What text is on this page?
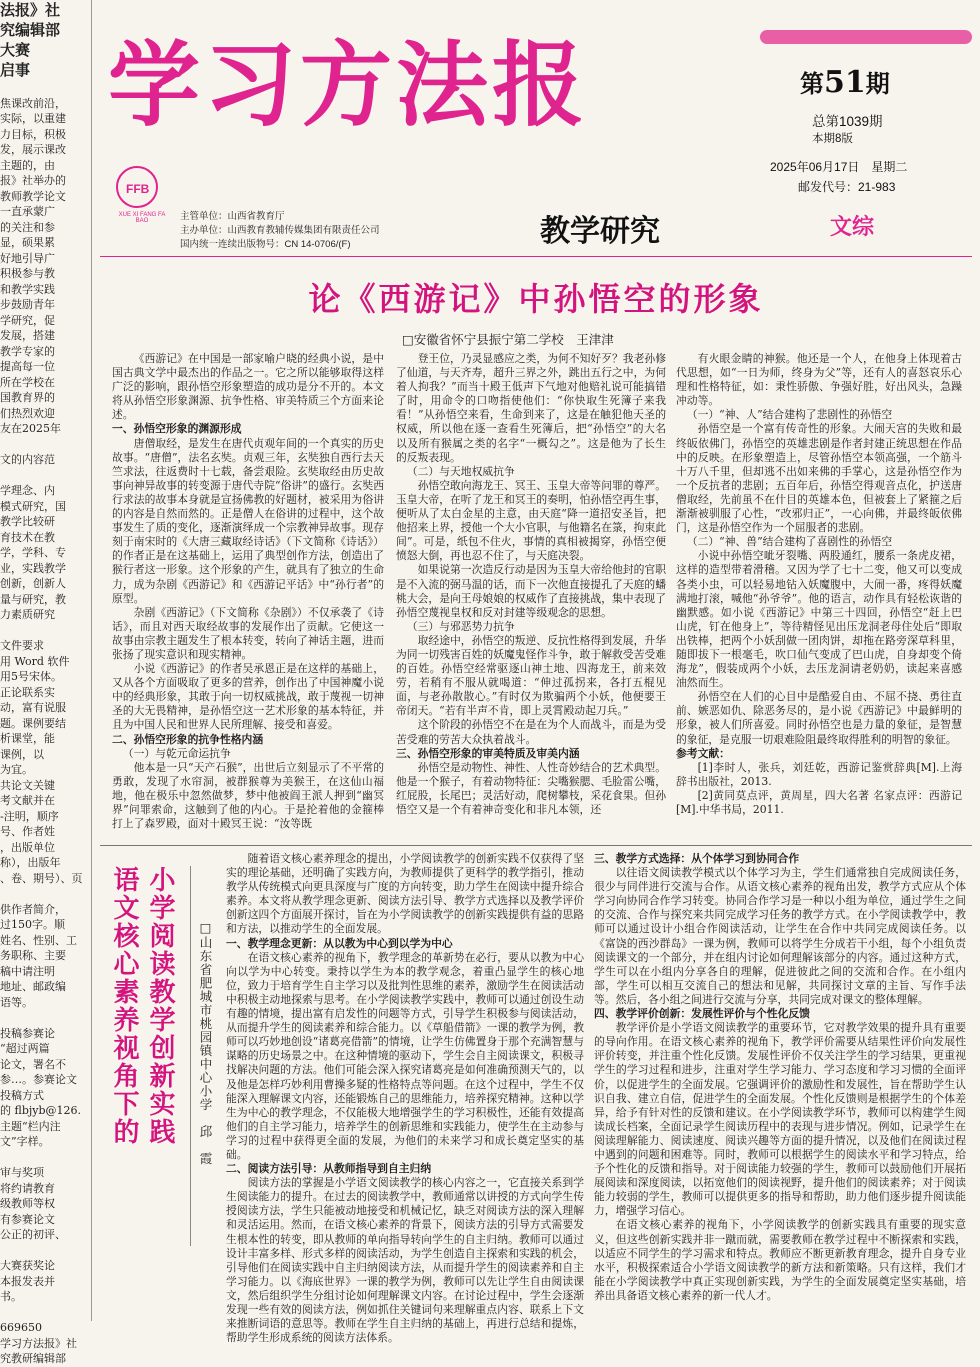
法报》社

究编辑部

大赛

启事

焦课改前沿，

实际，以重建

力目标，积极

发，展示课改

主题的，由

报》社举办的

教师教学论文

一直承蒙广

的关注和参

显，硕果累

好地引导广

积极参与教

和教学实践

步鼓励青年

学研究，促

发展，搭建

教学专家的

提高每一位

所在学校在

国教育界的

们热烈欢迎

友在2025年

文的内容范

学理念、内

模式研究，国

教学比较研

育技术在教

学，学科、专

业，实践教学

创新，创新人

量与研究，教

力素质研究

文件要求

用 Word 软件

用5号宋体。

正论联系实

动，富有说服

题。课例要结

析课堂，能

课例，以

为宜。

共论文关键

考文献并在

-注明，顺序

号、作者姓

，出版单位

称），出版年

、卷、期号）、页

供作者简介，

过150字。顺

姓名、性别、工

务职称、主要

稿中请注明

地址、邮政编

语等。

投稿参赛论

“超过两篇

论文，署名不

参…。参赛论文

投稿方式

的 flbjyb@126.

主题“栏内注

文”字样。

审与奖项

将约请教育

级教师等权

有参赛论文

公正的初评、

大赛获奖论

本报发表并

书。

669650

学习方法报》社

究教研编辑部

学习方法报	第51期
总第1039期
本期8版
2025年06月17日　星期二
邮发代号：21-983
FFB
XUE XI FANG FA BAO	主管单位：山西省教育厅
主办单位：山西教育教辅传媒集团有限责任公司
国内统一连续出版物号：CN 14-0706/(F)	教学研究	文综
论《西游记》中孙悟空的形象
□安徽省怀宁县振宁第二学校　王津津

《西游记》在中国是一部家喻户晓的经典小说，是中国古典文学中最杰出的作品之一。它之所以能够取得这样广泛的影响，跟孙悟空形象塑造的成功是分不开的。本文将从孙悟空形象渊源、抗争性格、审美特质三个方面来论述。

一、孙悟空形象的渊源形成

唐僧取经，是发生在唐代贞观年间的一个真实的历史故事。“唐僧”，法名玄奘。贞观三年，玄奘独自西行去天竺求法，往返费时十七载，备尝艰险。玄奘取经由历史故事向神异故事的转变源于唐代寺院“俗讲”的盛行。玄奘西行求法的故事本身就是宣扬佛教的好题材，被采用为俗讲的内容是自然而然的。正是僧人在俗讲的过程中，这个故事发生了质的变化，逐渐演绎成一个宗教神异故事。现存刻于南宋时的《大唐三藏取经诗话》（下文简称《诗话》）的作者正是在这基础上，运用了典型创作方法，创造出了猴行者这一形象。这个形象的产生，就具有了独立的生命力，成为杂剧《西游记》和《西游记平话》中“孙行者”的原型。

杂剧《西游记》（下文简称《杂剧》）不仅承袭了《诗话》，而且对西天取经故事的发展作出了贡献。它使这一故事由宗教主题发生了根本转变，转向了神话主题，进而张扬了现实意识和现实精神。

小说《西游记》的作者吴承恩正是在这样的基础上，又从各个方面吸取了更多的营养，创作出了中国神魔小说中的经典形象，其敢于向一切权威挑战，敢于蔑视一切神圣的大无畏精神，是孙悟空这一艺术形象的基本特征，并且为中国人民和世界人民所理解、接受和喜爱。

二、孙悟空形象的抗争性格内涵

（一）与乾元命运抗争

他本是一只“天产石猴”，出世后立刻显示了不平常的勇敢，发现了水帘洞，被群猴尊为美猴王，在这仙山福地，他在极乐中忽然做梦，梦中他被阎王派人押到“幽冥界”问罪索命，这触到了他的内心。于是抡着他的金箍棒打上了森罗殿，面对十殿冥王说：“汝等既

登王位，乃灵显感应之类，为何不知好歹？我老孙修了仙道，与天齐寿，超升三界之外，跳出五行之中，为何着人拘我？”而当十殿王低声下气地对他赔礼说可能搞错了时，用命令的口吻指使他们：“你快取生死簿子来我看！”从孙悟空来看，生命到来了，这是在触犯他天圣的权威，所以他在逐一查看生死簿后，把“孙悟空”的大名以及所有猴属之类的名字“一概勾之”。这是他为了长生的反叛表现。

（二）与天地权威抗争

孙悟空敢向海龙王、冥王、玉皇大帝等问罪的尊严。玉皇大帝，在听了龙王和冥王的奏明，怕孙悟空再生事，便听从了太白金星的主意，由天庭“降一道招安圣旨，把他招来上界，授他一个大小官职，与他籍名在箓，拘束此间”。可是，纸包不住火，事情的真相被揭穿，孙悟空便愤怒大倒，再也忍不住了，与天庭决裂。

如果说第一次造反行动是因为玉皇大帝给他封的官职是不入流的弼马温的话，而下一次他直接提孔了天庭的蟠桃大会，是向王母娘娘的权威作了直接挑战，集中表现了孙悟空蔑视皇权和反对封建等级观念的思想。

（三）与邪恶势力抗争

取经途中，孙悟空的叛逆、反抗性格得到发展，升华为同一切残害百姓的妖魔鬼怪作斗争，敢于解救受苦受难的百姓。孙悟空经常驱逐山神土地、四海龙王，前来效劳，若稍有不服从就喝道：“伸过孤拐来，各打五棍见面，与老孙散散心。”有时仅为欺骗两个小妖，他便要王帝闭天。“若有半声不肯，即上灵霄殿动起刀兵。”

这个阶段的孙悟空不在是在为个人而战斗，而是为受苦受难的劳苦大众执着战斗。

三、孙悟空形象的审美特质及审美内涵

孙悟空是动物性、神性、人性奇妙结合的艺术典型。他是一个猴子，有着动物特征：尖嘴猴腮、毛脸雷公嘴，红屁股，长尾巴；灵活好动，爬树攀枝，采花食果。但孙悟空又是一个有着神奇变化和非凡本领，还

有火眼金睛的神猴。他还是一个人，在他身上体现着古代思想，如“一日为师，终身为父”等，还有人的喜怒哀乐心理和性格特征，如：秉性骄傲、争强好胜，好出风头，急躁冲动等。

（一）“神、人”结合建构了悲剧性的孙悟空

孙悟空是一个富有传奇性的形象。大闹天宫的失败和最终皈依佛门，孙悟空的英雄悲剧是作者封建正统思想在作品中的反映。在形象塑造上，尽管孙悟空本领高强，一个筋斗十万八千里，但却逃不出如来佛的手掌心，这是孙悟空作为一个反抗者的悲剧；五百年后，孙悟空得观音点化，护送唐僧取经，先前虽不在什目的英雄本色，但被套上了紧箍之后渐渐被驯服了心性，“改邪归正”，一心向佛，并最终皈依佛门，这是孙悟空作为一个屈服者的悲剧。

（二）“神、兽”结合建构了喜剧性的孙悟空

小说中孙悟空呲牙裂嘴、两股通红，腰系一条虎皮裙，这样的造型带着滑稽。又因为学了七十二变，他又可以变成各类小虫，可以轻易地钻入妖魔腹中，大闹一番，疼得妖魔满地打滚，喊他“孙爷爷”。他的语言，动作具有轻松诙谐的幽默感。如小说《西游记》中第三十四回，孙悟空“赶上巴山虎，钉在他身上”，等待精怪见出压龙洞老母住处后“即取出铁棒，把两个小妖刮做一团肉饼，却拖在路旁深草科里，随即拔下一根毫毛，吹口仙气变成了巴山虎，自身却变个倚海龙”，假装成两个小妖，去压龙洞请老奶奶，读起来喜感油然而生。

孙悟空在人们的心目中是酷爱自由、不屈不挠、勇往直前、嫉恶如仇、除恶务尽的，是小说《西游记》中最鲜明的形象，被人们所喜爱。同时孙悟空也是力量的象征，是智慧的象征，是克服一切艰难险阻最终取得胜利的明智的象征。

参考文献：

[1]李时人，张兵，刘廷乾，西游记鉴赏辞典[M].上海辞书出版社，2013.

[2]黄同莫点评，黄周星，四大名著 名家点评：西游记[M].中华书局，2011.

小学阅读教学创新实践
语文核心素养视角下的	□山东省肥城市桃园镇中心小学　邱　霞

随着语文核心素养理念的提出，小学阅读教学的创新实践不仅获得了坚实的理论基础，还明确了实践方向，为教师提供了更科学的教学指引，推动教学从传统模式向更具深度与广度的方向转变，助力学生在阅读中提升综合素养。本文将从教学理念更新、阅读方法引导、教学方式选择以及教学评价创新这四个方面展开探讨，旨在为小学阅读教学的创新实践提供有益的思路和方法，以推动学生的全面发展。

一、教学理念更新：从以教为中心到以学为中心

在语文核心素养的视角下，教学理念的革新势在必行，要从以教为中心向以学为中心转变。秉持以学生为本的教学观念，着重凸显学生的核心地位，致力于培育学生自主学习以及批判性思维的素养，激励学生在阅读活动中积极主动地探索与思考。在小学阅读教学实践中，教师可以通过创设生动有趣的情境，提出富有启发性的问题等方式，引导学生积极参与阅读活动，从而提升学生的阅读素养和综合能力。以《草船借箭》一课的教学为例，教师可以巧妙地创设“诸葛亮借箭”的情境，让学生仿佛置身于那个充满智慧与谋略的历史场景之中。在这种情境的驱动下，学生会自主阅读课文，积极寻找解决问题的方法。他们可能会深入探究诸葛亮是如何准确预测天气的，以及他是怎样巧妙利用曹操多疑的性格特点等问题。在这个过程中，学生不仅能深入理解课文内容，还能锻炼自己的思维能力，培养探究精神。这种以学生为中心的教学理念，不仅能极大地增强学生的学习积极性，还能有效提高他们的自主学习能力，培养学生的创新思维和实践能力，使学生在主动参与学习的过程中获得更全面的发展，为他们的未来学习和成长奠定坚实的基础。

二、阅读方法引导：从教师指导到自主归纳

阅读方法的掌握是小学语文阅读教学的核心内容之一，它直接关系到学生阅读能力的提升。在过去的阅读教学中，教师通常以讲授的方式向学生传授阅读方法，学生只能被动地接受和机械记忆，缺乏对阅读方法的深入理解和灵活运用。然而，在语文核心素养的背景下，阅读方法的引导方式需要发生根本性的转变，即从教师的单向指导转向学生的自主归纳。教师可以通过设计丰富多样、形式多样的阅读活动，为学生创造自主探索和实践的机会，引导他们在阅读实践中自主归纳阅读方法，从而提升学生的阅读素养和自主学习能力。以《海底世界》一课的教学为例，教师可以先让学生自由阅读课文，然后组织学生分组讨论如何理解课文内容。在讨论过程中，学生会逐渐发现一些有效的阅读方法，例如抓住关键词句来理解重点内容、联系上下文来推断词语的意思等。教师在学生自主归纳的基础上，再进行总结和提炼，帮助学生形成系统的阅读方法体系。

三、教学方式选择：从个体学习到协同合作

以往语文阅读教学模式以个体学习为主，学生们通常独自完成阅读任务，很少与同伴进行交流与合作。从语文核心素养的视角出发，教学方式应从个体学习向协同合作学习转变。协同合作学习是一种以小组为单位，通过学生之间的交流、合作与探究来共同完成学习任务的教学方式。在小学阅读教学中，教师可以通过设计小组合作阅读活动，让学生在合作中共同完成阅读任务。以《富饶的西沙群岛》一课为例，教师可以将学生分成若干小组，每个小组负责阅读课文的一个部分，并在组内讨论如何理解该部分的内容。通过这种方式，学生可以在小组内分享各自的理解，促进彼此之间的交流和合作。在小组内部，学生可以相互交流自己的想法和见解，共同探讨文章的主旨、写作手法等。然后，各小组之间进行交流与分享，共同完成对课文的整体理解。

四、教学评价创新：发展性评价与个性化反馈

教学评价是小学语文阅读教学的重要环节，它对教学效果的提升具有重要的导向作用。在语文核心素养的视角下，教学评价需要从结果性评价向发展性评价转变，并注重个性化反馈。发展性评价不仅关注学生的学习结果，更重视学生的学习过程和进步，注重对学生学习能力、学习态度和学习习惯的全面评价，以促进学生的全面发展。它强调评价的激励性和发展性，旨在帮助学生认识自我、建立自信，促进学生的全面发展。个性化反馈则是根据学生的个体差异，给予有针对性的反馈和建议。在小学阅读教学环节，教师可以构建学生阅读成长档案，全面记录学生阅读历程中的表现与进步情况。例如，记录学生在阅读理解能力、阅读速度、阅读兴趣等方面的提升情况，以及他们在阅读过程中遇到的问题和困难等。同时，教师可以根据学生的阅读水平和学习特点，给予个性化的反馈和指导。对于阅读能力较强的学生，教师可以鼓励他们开展拓展阅读和深度阅读，以拓宽他们的阅读视野，提升他们的阅读素养；对于阅读能力较弱的学生，教师可以提供更多的指导和帮助，助力他们逐步提升阅读能力，增强学习信心。

在语文核心素养的视角下，小学阅读教学的创新实践具有重要的现实意义，但这些创新实践并非一蹴而就，需要教师在教学过程中不断探索和实践，以适应不同学生的学习需求和特点。教师应不断更新教育理念，提升自身专业水平，积极探索适合小学语文阅读教学的新方法和新策略。只有这样，我们才能在小学阅读教学中真正实现创新实践，为学生的全面发展奠定坚实基础，培养出具备语文核心素养的新一代人才。
